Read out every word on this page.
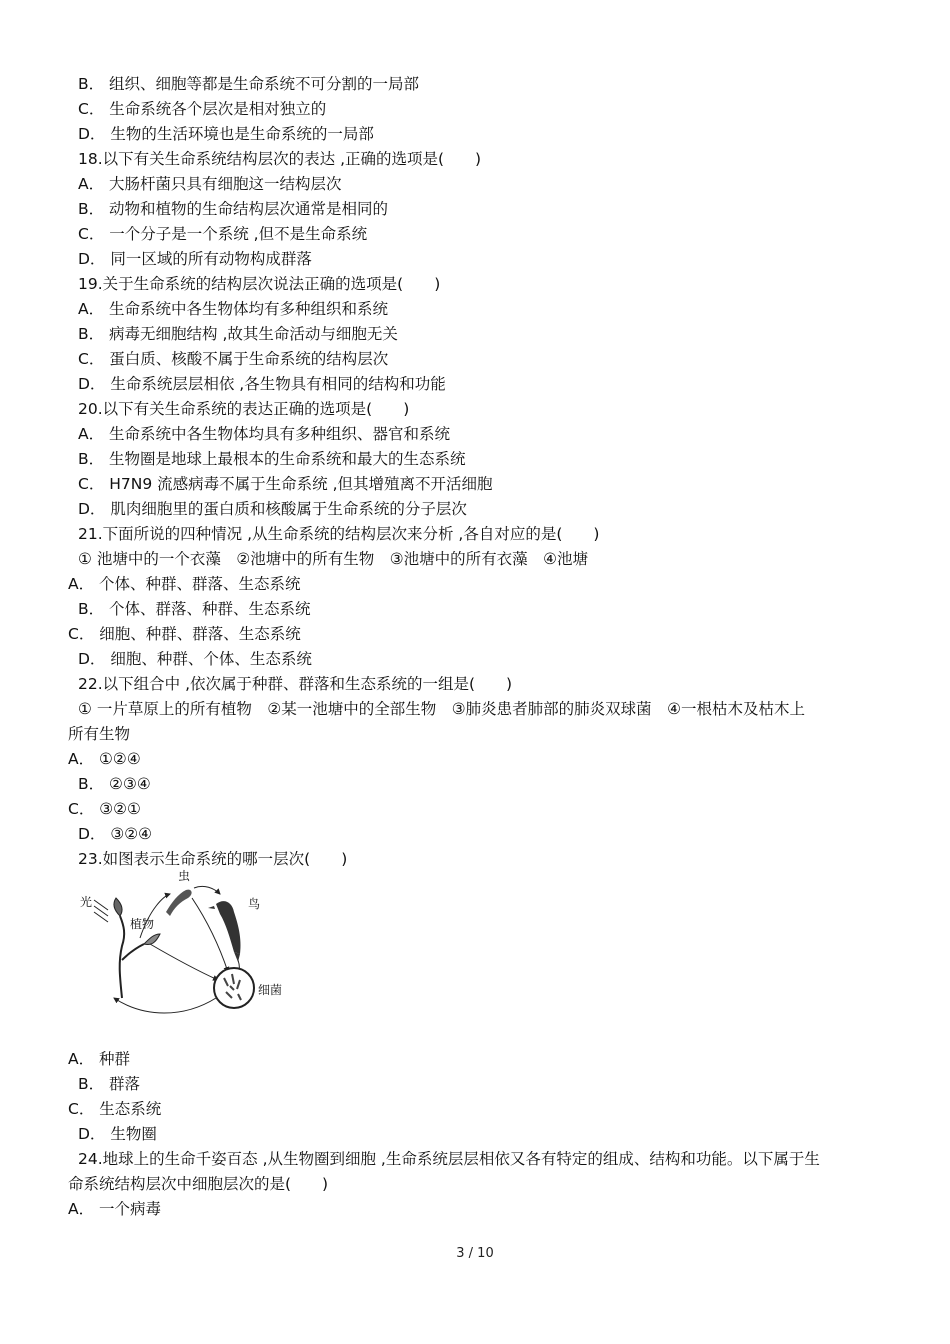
B． 组织、细胞等都是生命系统不可分割的一局部
C． 生命系统各个层次是相对独立的
D． 生物的生活环境也是生命系统的一局部
18.以下有关生命系统结构层次的表达 ,正确的选项是(　　)
A． 大肠杆菌只具有细胞这一结构层次
B． 动物和植物的生命结构层次通常是相同的
C． 一个分子是一个系统 ,但不是生命系统
D． 同一区域的所有动物构成群落
19.关于生命系统的结构层次说法正确的选项是(　　)
A． 生命系统中各生物体均有多种组织和系统
B． 病毒无细胞结构 ,故其生命活动与细胞无关
C． 蛋白质、核酸不属于生命系统的结构层次
D． 生命系统层层相依 ,各生物具有相同的结构和功能
20.以下有关生命系统的表达正确的选项是(　　)
A． 生命系统中各生物体均具有多种组织、器官和系统
B． 生物圈是地球上最根本的生命系统和最大的生态系统
C． H7N9 流感病毒不属于生命系统 ,但其增殖离不开活细胞
D． 肌肉细胞里的蛋白质和核酸属于生命系统的分子层次
21.下面所说的四种情况 ,从生命系统的结构层次来分析 ,各自对应的是(　　)
① 池塘中的一个衣藻　②池塘中的所有生物　③池塘中的所有衣藻　④池塘
A． 个体、种群、群落、生态系统
B． 个体、群落、种群、生态系统
C． 细胞、种群、群落、生态系统
D． 细胞、种群、个体、生态系统
22.以下组合中 ,依次属于种群、群落和生态系统的一组是(　　)
① 一片草原上的所有植物　②某一池塘中的全部生物　③肺炎患者肺部的肺炎双球菌　④一根枯木及枯木上
所有生物
A． ①②④
B． ②③④
C． ③②①
D． ③②④
23.如图表示生命系统的哪一层次(　　)
A． 种群
B． 群落
C． 生态系统
D． 生物圈
24.地球上的生命千姿百态 ,从生物圈到细胞 ,生命系统层层相依又各有特定的组成、结构和功能。以下属于生
命系统结构层次中细胞层次的是(　　)
A． 一个病毒
光
植物
虫
鸟
细菌
3 / 10
